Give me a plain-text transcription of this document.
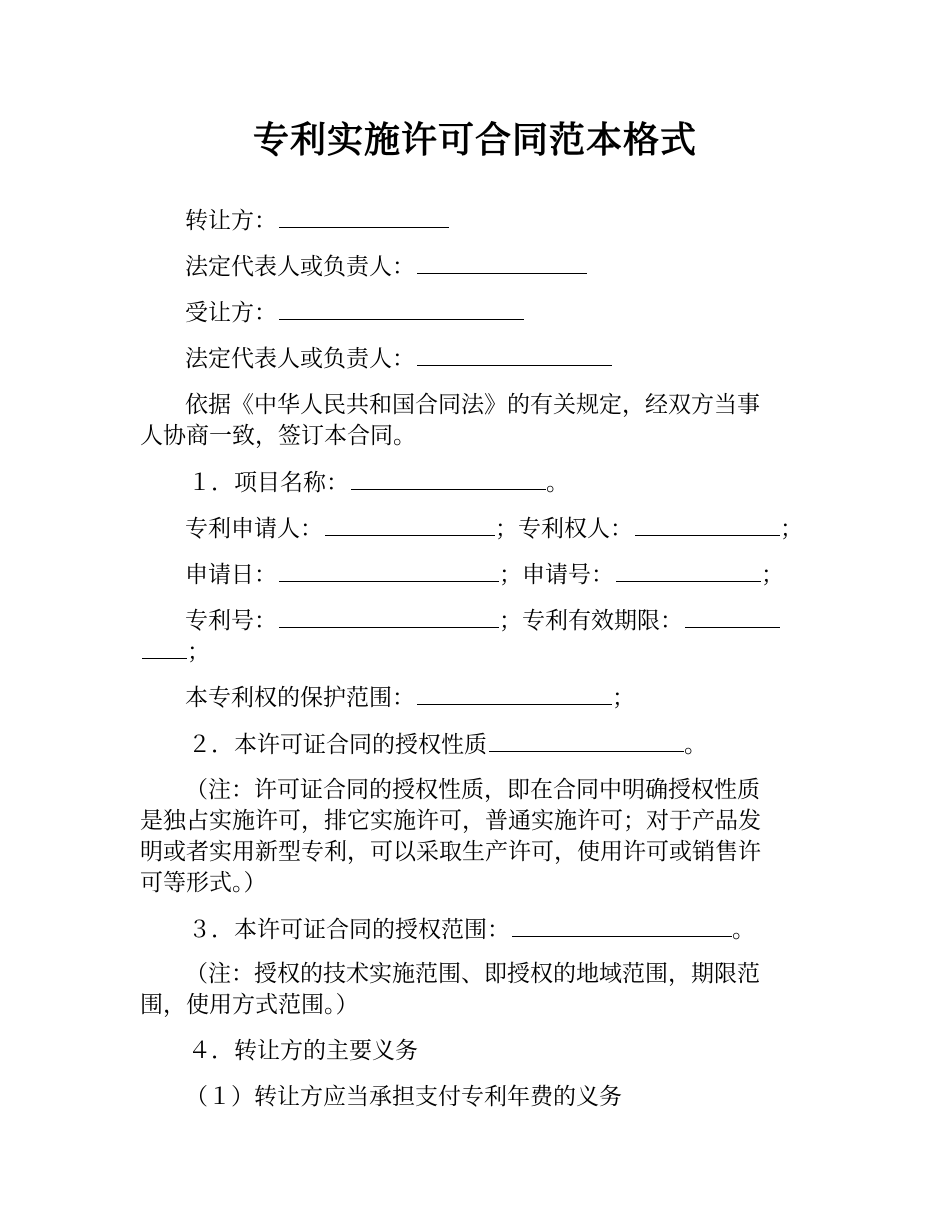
专利实施许可合同范本格式

转让方：

法定代表人或负责人：

受让方：

法定代表人或负责人：

依据《中华人民共和国合同法》的有关规定，经双方当事

人协商一致，签订本合同。

１．项目名称：	。

专利申请人：	；专利权人：	；

申请日：	；申请号：	；

专利号：	；专利有效期限：

；

本专利权的保护范围：	；

２．本许可证合同的授权性质	。

（注：许可证合同的授权性质，即在合同中明确授权性质

是独占实施许可，排它实施许可，普通实施许可；对于产品发

明或者实用新型专利，可以采取生产许可，使用许可或销售许

可等形式。）

３．本许可证合同的授权范围：	。

（注：授权的技术实施范围、即授权的地域范围，期限范

围，使用方式范围。）

４．转让方的主要义务

（１）转让方应当承担支付专利年费的义务
